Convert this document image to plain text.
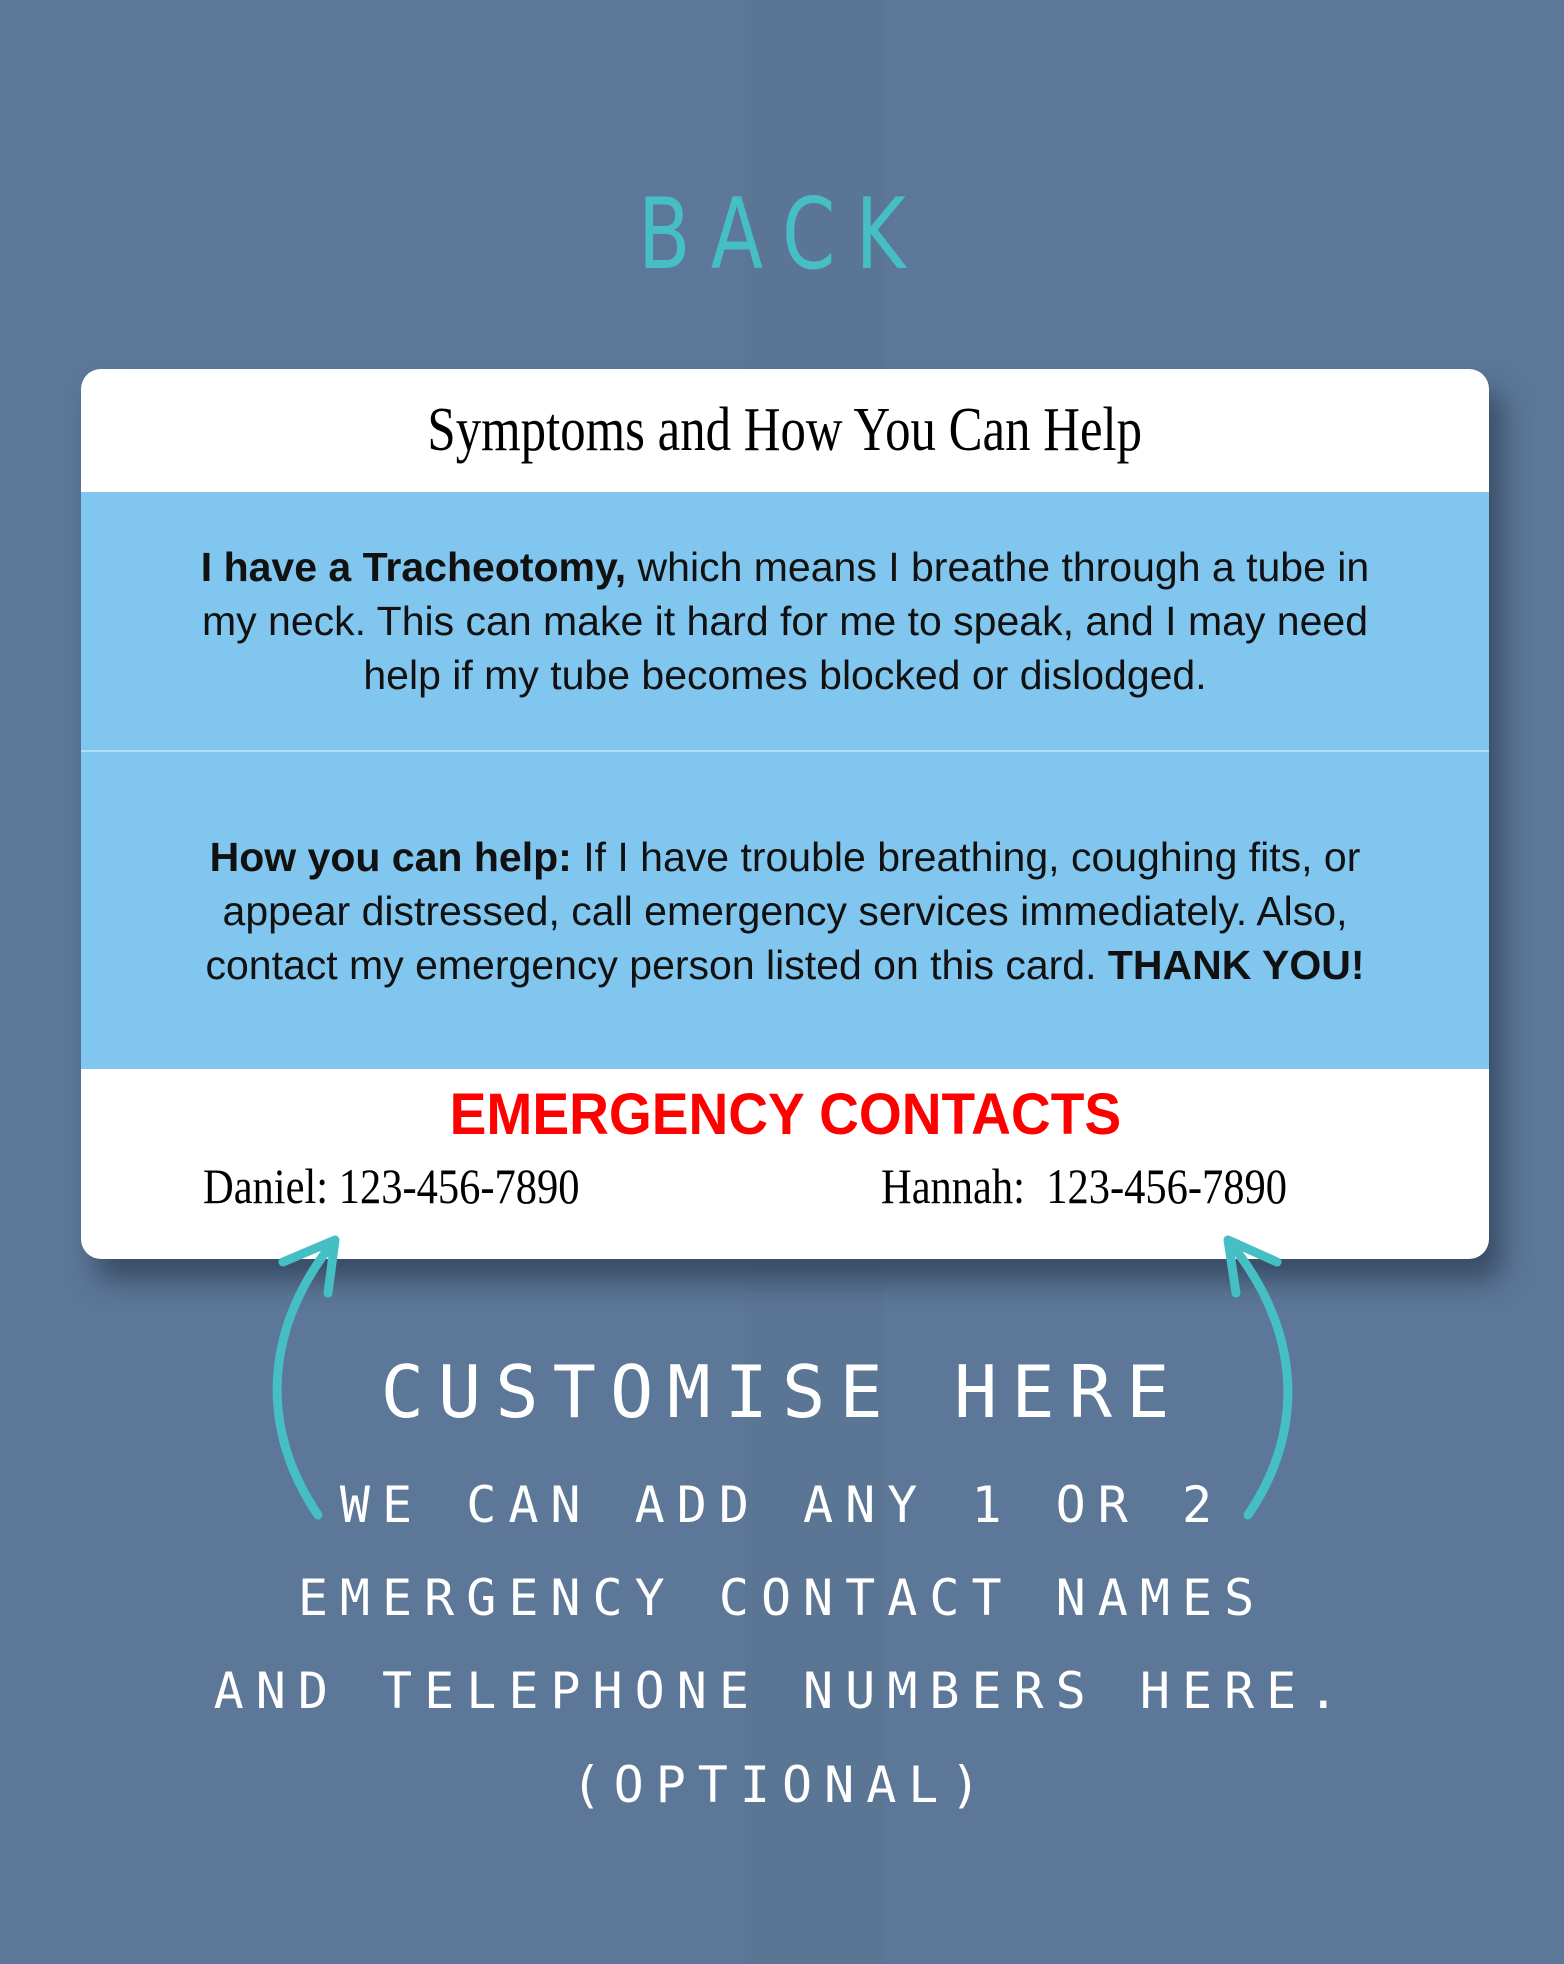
BACK
Symptoms and How You Can Help

I have a Tracheotomy, which means I breathe through a tube in my neck. This can make it hard for me to speak, and I may need help if my tube becomes blocked or dislodged.

How you can help: If I have trouble breathing, coughing fits, or appear distressed, call emergency services immediately. Also, contact my emergency person listed on this card. THANK YOU!

EMERGENCY CONTACTS
Daniel: 123-456-7890	Hannah: 123-456-7890
CUSTOMISE HERE
WE CAN ADD ANY 1 OR 2
EMERGENCY CONTACT NAMES
AND TELEPHONE NUMBERS HERE.
(OPTIONAL)
